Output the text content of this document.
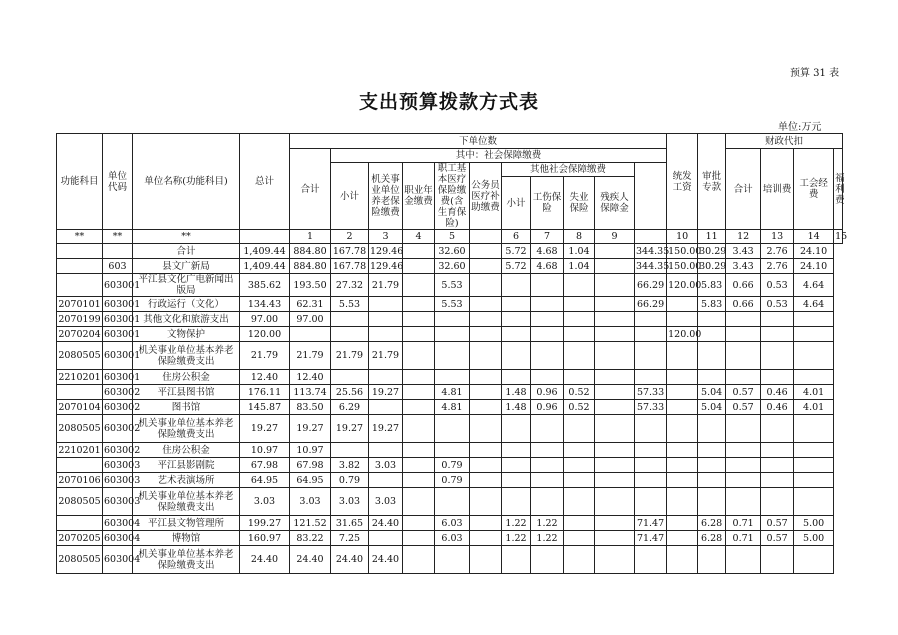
预算 31 表
支出预算拨款方式表
单位:万元
功能科目	单位代码	单位名称(功能科目)	总计	下单位数											统发工资	审批专款	财政代扣			
				合计	其中：社会保障缴费												合计	培训费	工会经费	福利费
					小计	机关事业单位养老保险缴费	职业年金缴费	职工基本医疗保险缴费(含生育保险)	公务员医疗补助缴费	其他社会保障缴费										
										小计	工伤保险	失业保险	残疾人保障金							
**	**	**		1	2	3	4	5		6	7	8	9		10	11	12	13	14	15
		合计	1,409.44	884.80	167.78	129.46		32.60		5.72	4.68	1.04		344.35	150.00	30.29	3.43	2.76	24.10	
	603	县文广新局	1,409.44	884.80	167.78	129.46		32.60		5.72	4.68	1.04		344.35	150.00	30.29	3.43	2.76	24.10	
	603001	平江县文化广电新闻出版局	385.62	193.50	27.32	21.79		5.53						66.29	120.00	5.83	0.66	0.53	4.64	
2070101	603001	行政运行（文化）	134.43	62.31	5.53			5.53						66.29		5.83	0.66	0.53	4.64	
2070199	603001	其他文化和旅游支出	97.00	97.00																
2070204	603001	文物保护	120.00												120.00					
2080505	603001	机关事业单位基本养老保险缴费支出	21.79	21.79	21.79	21.79														
2210201	603001	住房公积金	12.40	12.40																
	603002	平江县图书馆	176.11	113.74	25.56	19.27		4.81		1.48	0.96	0.52		57.33		5.04	0.57	0.46	4.01	
2070104	603002	图书馆	145.87	83.50	6.29			4.81		1.48	0.96	0.52		57.33		5.04	0.57	0.46	4.01	
2080505	603002	机关事业单位基本养老保险缴费支出	19.27	19.27	19.27	19.27														
2210201	603002	住房公积金	10.97	10.97																
	603003	平江县影剧院	67.98	67.98	3.82	3.03		0.79												
2070106	603003	艺术表演场所	64.95	64.95	0.79			0.79												
2080505	603003	机关事业单位基本养老保险缴费支出	3.03	3.03	3.03	3.03														
	603004	平江县文物管理所	199.27	121.52	31.65	24.40		6.03		1.22	1.22			71.47		6.28	0.71	0.57	5.00	
2070205	603004	博物馆	160.97	83.22	7.25			6.03		1.22	1.22			71.47		6.28	0.71	0.57	5.00	
2080505	603004	机关事业单位基本养老保险缴费支出	24.40	24.40	24.40	24.40														
